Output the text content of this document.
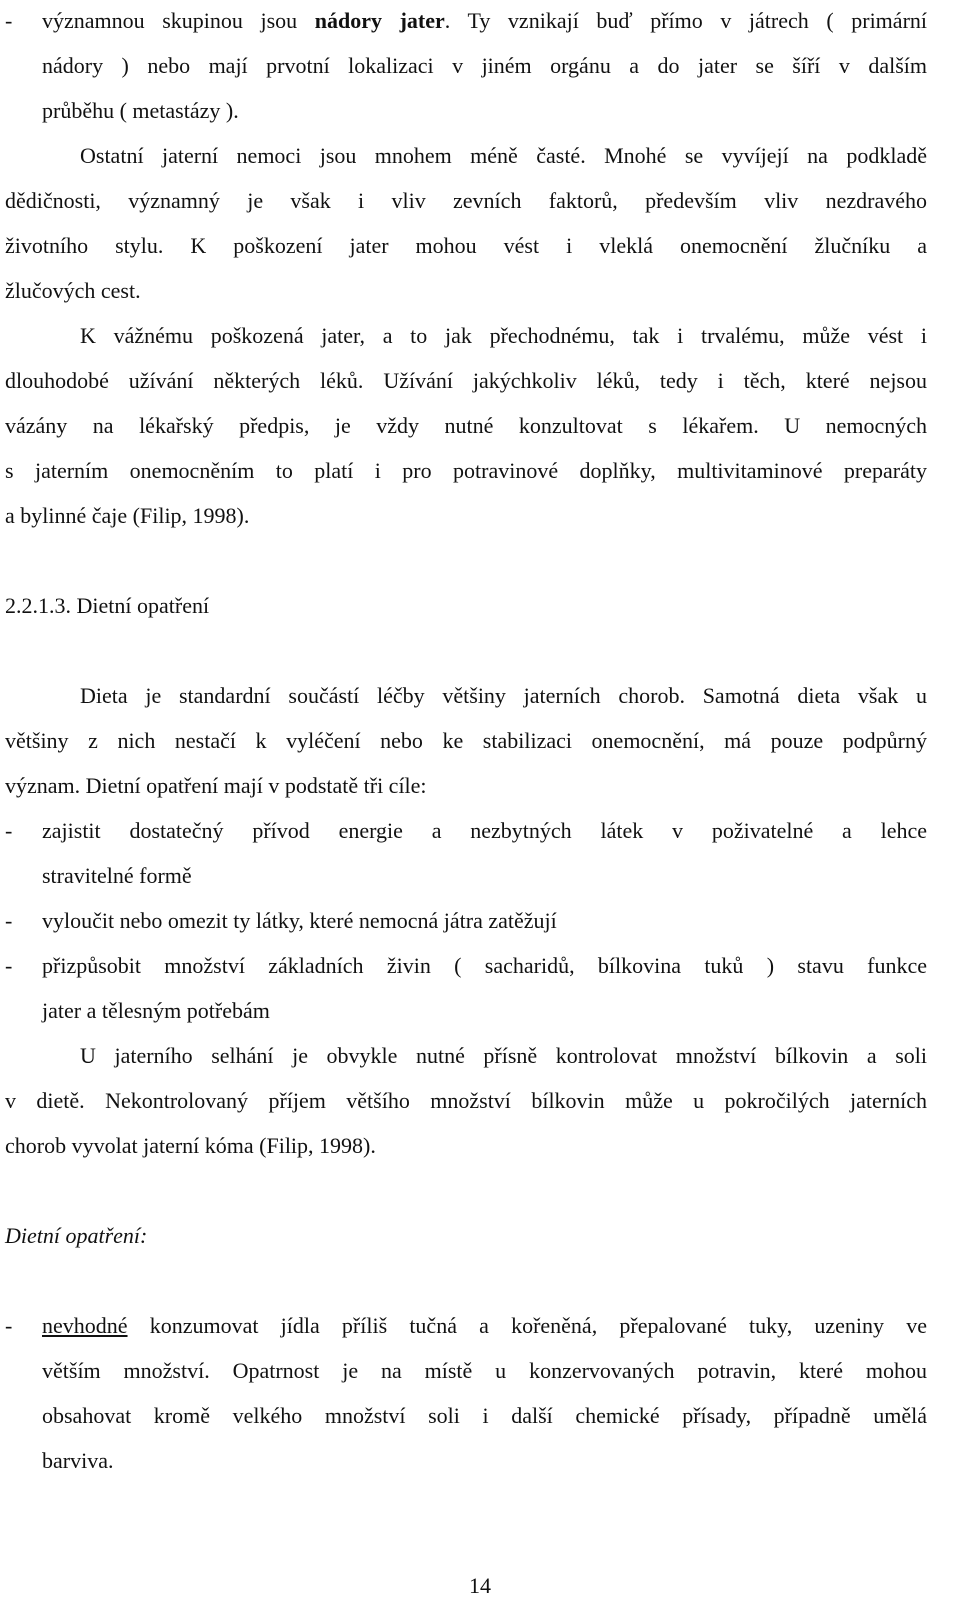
- významnou skupinou jsou nádory jater. Ty vznikají buď přímo v játrech ( primární
nádory ) nebo mají prvotní lokalizaci v jiném orgánu a do jater se šíří v dalším
průběhu ( metastázy ).
Ostatní jaterní nemoci jsou mnohem méně časté. Mnohé se vyvíjejí na podkladě
dědičnosti, významný je však i vliv zevních faktorů, především vliv nezdravého
životního stylu. K poškození jater mohou vést i vleklá onemocnění žlučníku a
žlučových cest.
K vážnému poškozená jater, a to jak přechodnému, tak i trvalému, může vést i
dlouhodobé užívání některých léků. Užívání jakýchkoliv léků, tedy i těch, které nejsou
vázány na lékařský předpis, je vždy nutné konzultovat s lékařem. U nemocných
s jaterním onemocněním to platí i pro potravinové doplňky, multivitaminové preparáty
a bylinné čaje (Filip, 1998).
2.2.1.3. Dietní opatření
Dieta je standardní součástí léčby většiny jaterních chorob. Samotná dieta však u
většiny z nich nestačí k vyléčení nebo ke stabilizaci onemocnění, má pouze podpůrný
význam. Dietní opatření mají v podstatě tři cíle:
- zajistit dostatečný přívod energie a nezbytných látek v poživatelné a lehce
stravitelné formě
- vyloučit nebo omezit ty látky, které nemocná játra zatěžují
- přizpůsobit množství základních živin ( sacharidů, bílkovina tuků ) stavu funkce
jater a tělesným potřebám
U jaterního selhání je obvykle nutné přísně kontrolovat množství bílkovin a soli
v dietě. Nekontrolovaný příjem většího množství bílkovin může u pokročilých jaterních
chorob vyvolat jaterní kóma (Filip, 1998).
Dietní opatření:
- nevhodné konzumovat jídla příliš tučná a kořeněná, přepalované tuky, uzeniny ve
větším množství. Opatrnost je na místě u konzervovaných potravin, které mohou
obsahovat kromě velkého množství soli i další chemické přísady, případně umělá
barviva.
14
